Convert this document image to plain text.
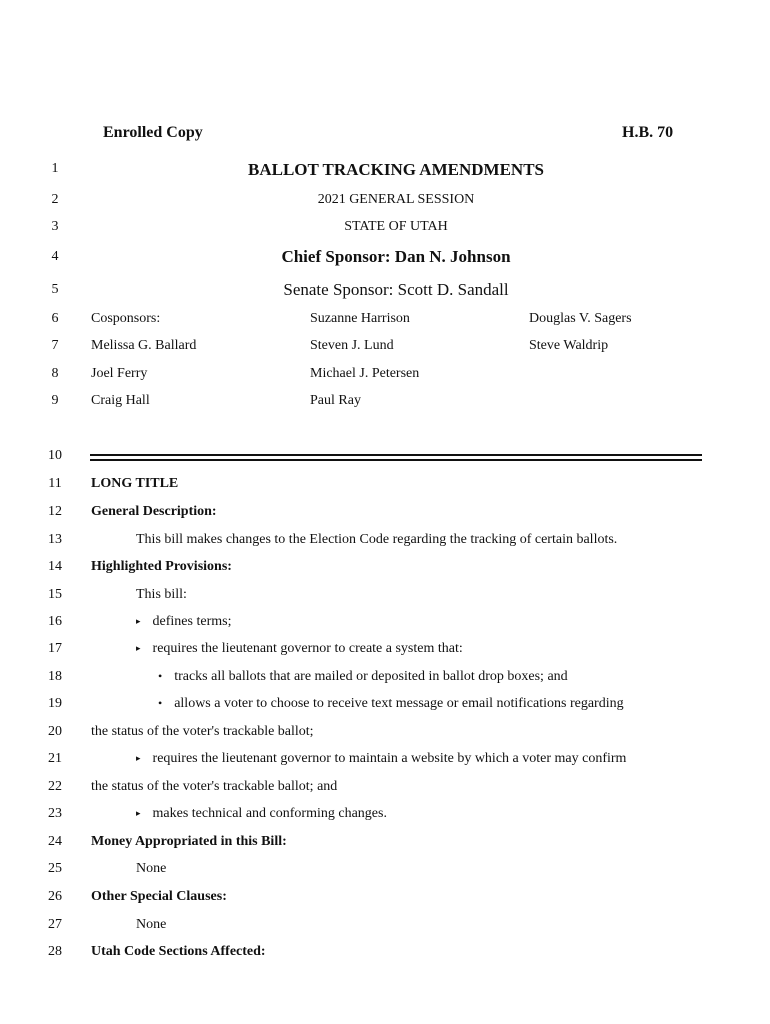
Enrolled Copy	H.B. 70
1
2
3
4
5
6
7
8
9
10
11
12
13
14
15
16
17
18
19
20
21
22
23
24
25
26
27
28
BALLOT TRACKING AMENDMENTS
2021 GENERAL SESSION
STATE OF UTAH
Chief Sponsor: Dan N. Johnson
Senate Sponsor: Scott D. Sandall
Cosponsors:
Melissa G. Ballard
Joel Ferry
Craig Hall
Suzanne Harrison
Steven J. Lund
Michael J. Petersen
Paul Ray
Douglas V. Sagers
Steve Waldrip
LONG TITLE
General Description:
This bill makes changes to the Election Code regarding the tracking of certain ballots.
Highlighted Provisions:
This bill:
▸ defines terms;
▸ requires the lieutenant governor to create a system that:
• tracks all ballots that are mailed or deposited in ballot drop boxes; and
• allows a voter to choose to receive text message or email notifications regarding
the status of the voter's trackable ballot;
▸ requires the lieutenant governor to maintain a website by which a voter may confirm
the status of the voter's trackable ballot; and
▸ makes technical and conforming changes.
Money Appropriated in this Bill:
None
Other Special Clauses:
None
Utah Code Sections Affected:
